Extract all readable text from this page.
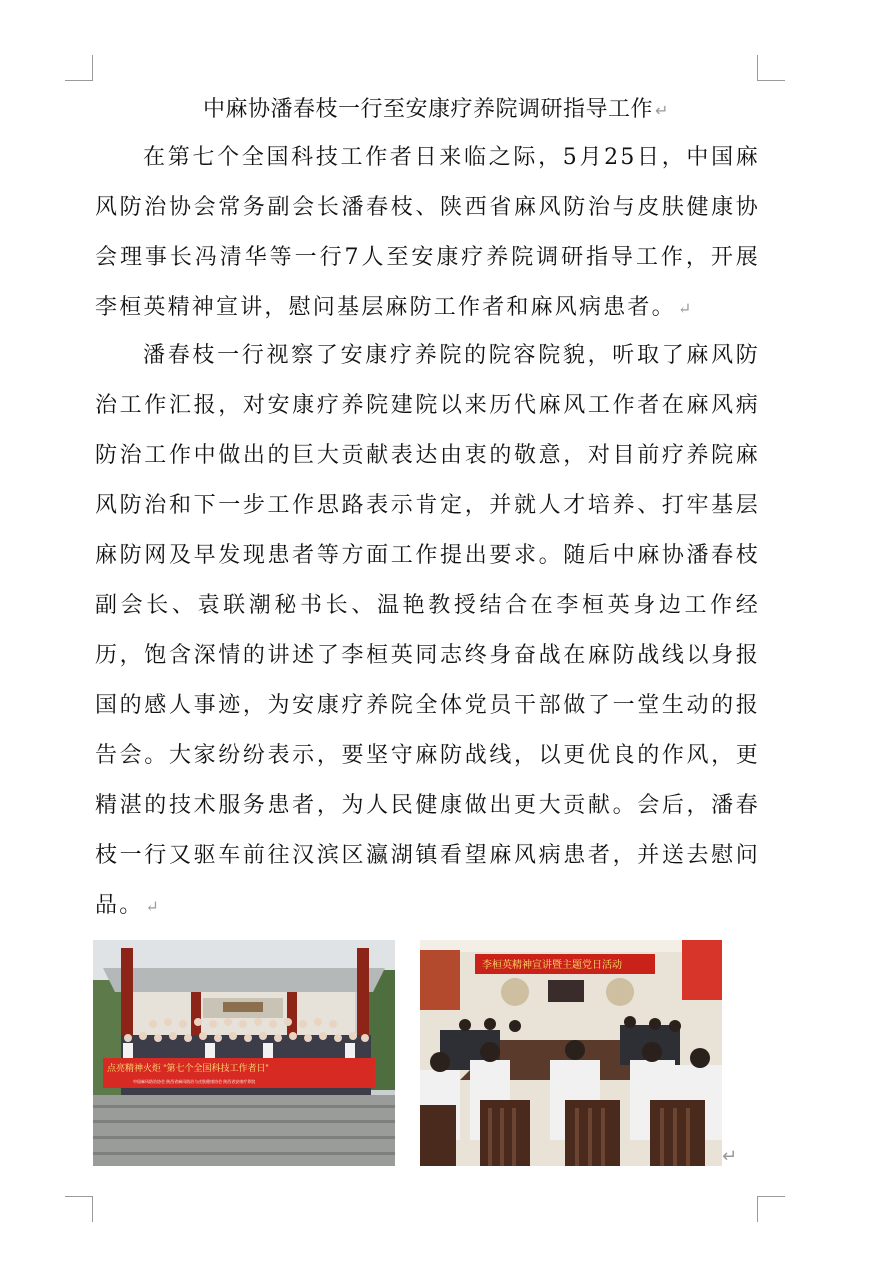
中麻协潘春枝一行至安康疗养院调研指导工作 ↵

在第七个全国科技工作者日来临之际，5月25日，中国麻风防治协会常务副会长潘春枝、陕西省麻风防治与皮肤健康协会理事长冯清华等一行7人至安康疗养院调研指导工作，开展李桓英精神宣讲，慰问基层麻防工作者和麻风病患者。 ↵

潘春枝一行视察了安康疗养院的院容院貌，听取了麻风防治工作汇报，对安康疗养院建院以来历代麻风工作者在麻风病防治工作中做出的巨大贡献表达由衷的敬意，对目前疗养院麻风防治和下一步工作思路表示肯定，并就人才培养、打牢基层麻防网及早发现患者等方面工作提出要求。随后中麻协潘春枝副会长、袁联潮秘书长、温艳教授结合在李桓英身边工作经历，饱含深情的讲述了李桓英同志终身奋战在麻防战线以身报国的感人事迹，为安康疗养院全体党员干部做了一堂生动的报告会。大家纷纷表示，要坚守麻防战线，以更优良的作风，更精湛的技术服务患者，为人民健康做出更大贡献。会后，潘春枝一行又驱车前往汉滨区瀛湖镇看望麻风病患者，并送去慰问品。 ↵

点亮精神火炬 “第七个全国科技工作者日”
中国麻风防治协会 陕西省麻风防治与皮肤健康协会 陕西省安康疗养院
李桓英精神宣讲暨主题党日活动
↵
